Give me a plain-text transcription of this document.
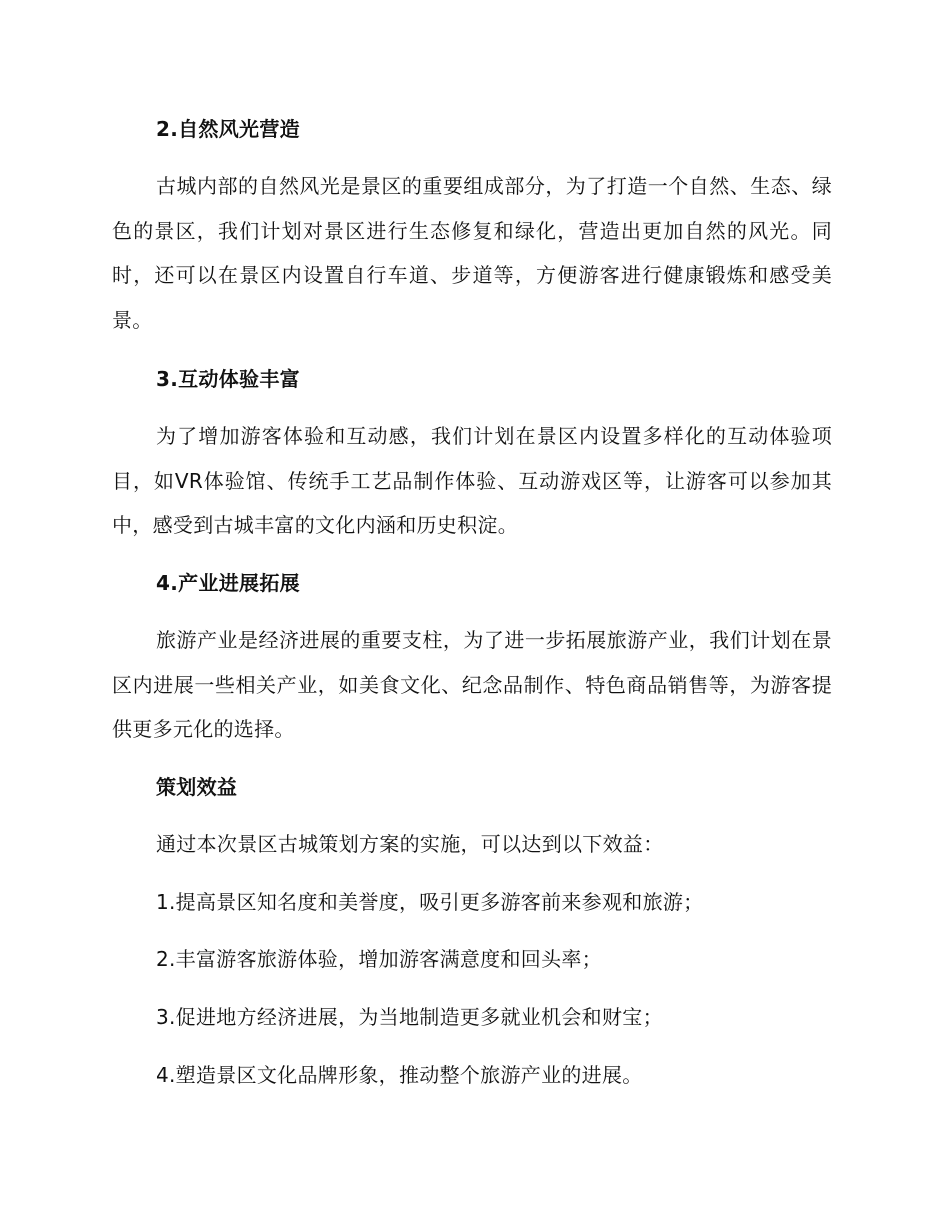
2.自然风光营造
古城内部的自然风光是景区的重要组成部分，为了打造一个自然、生态、绿色的景区，我们计划对景区进行生态修复和绿化，营造出更加自然的风光。同时，还可以在景区内设置自行车道、步道等，方便游客进行健康锻炼和感受美景。
3.互动体验丰富
为了增加游客体验和互动感，我们计划在景区内设置多样化的互动体验项目，如VR体验馆、传统手工艺品制作体验、互动游戏区等，让游客可以参加其中，感受到古城丰富的文化内涵和历史积淀。
4.产业进展拓展
旅游产业是经济进展的重要支柱，为了进一步拓展旅游产业，我们计划在景区内进展一些相关产业，如美食文化、纪念品制作、特色商品销售等，为游客提供更多元化的选择。
策划效益
通过本次景区古城策划方案的实施，可以达到以下效益：
1.提高景区知名度和美誉度，吸引更多游客前来参观和旅游；
2.丰富游客旅游体验，增加游客满意度和回头率；
3.促进地方经济进展，为当地制造更多就业机会和财宝；
4.塑造景区文化品牌形象，推动整个旅游产业的进展。
